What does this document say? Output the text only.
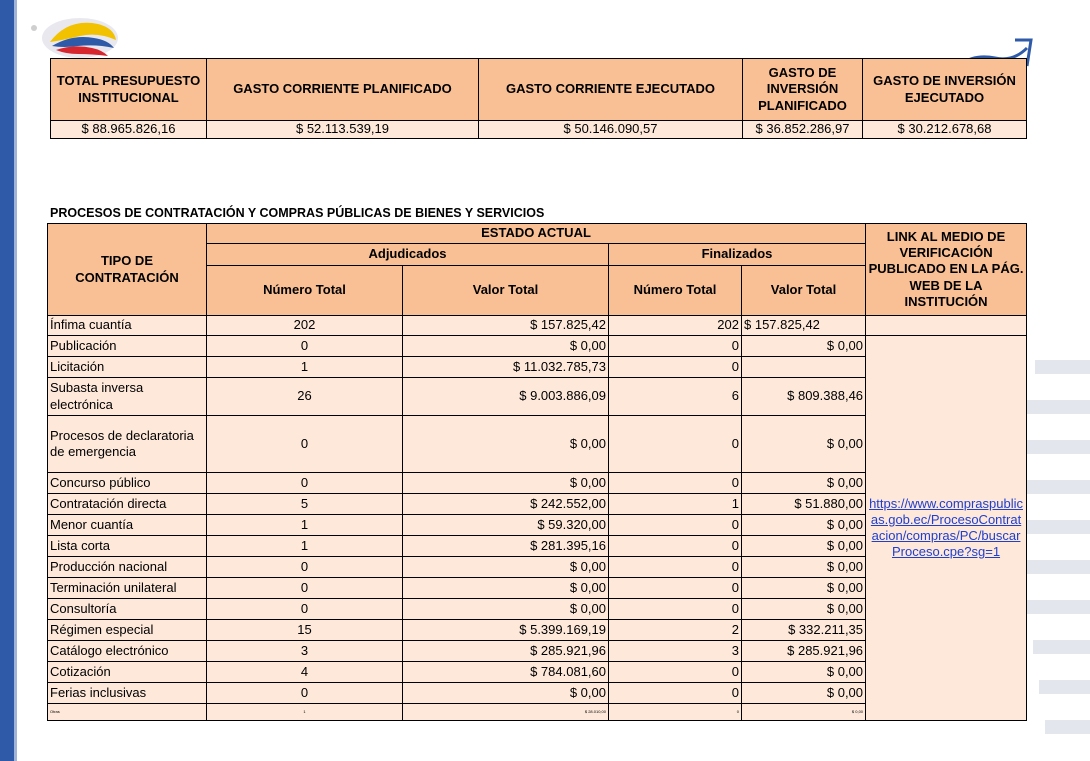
TOTAL PRESUPUESTO INSTITUCIONAL	GASTO CORRIENTE PLANIFICADO	GASTO CORRIENTE EJECUTADO	GASTO DE INVERSIÓN PLANIFICADO	GASTO DE INVERSIÓN EJECUTADO
$ 88.965.826,16	$ 52.113.539,19	$ 50.146.090,57	$ 36.852.286,97	$ 30.212.678,68
PROCESOS DE CONTRATACIÓN Y COMPRAS PÚBLICAS DE BIENES Y SERVICIOS
TIPO DE CONTRATACIÓN	ESTADO ACTUAL				LINK AL MEDIO DE VERIFICACIÓN PUBLICADO EN LA PÁG. WEB DE LA INSTITUCIÓN
	Adjudicados		Finalizados		
	Número Total	Valor Total	Número Total	Valor Total	
Ínfima cuantía	202	$ 157.825,42	202	$ 157.825,42	
Publicación	0	$ 0,00	0	$ 0,00	https://www.compraspublicas.gob.ec/ProcesoContratacion/compras/PC/buscarProceso.cpe?sg=1
Licitación	1	$ 11.032.785,73	0		
Subasta inversa electrónica	26	$ 9.003.886,09	6	$ 809.388,46	
Procesos de declaratoria de emergencia	0	$ 0,00	0	$ 0,00	
Concurso público	0	$ 0,00	0	$ 0,00	
Contratación directa	5	$ 242.552,00	1	$ 51.880,00	
Menor cuantía	1	$ 59.320,00	0	$ 0,00	
Lista corta	1	$ 281.395,16	0	$ 0,00	
Producción nacional	0	$ 0,00	0	$ 0,00	
Terminación unilateral	0	$ 0,00	0	$ 0,00	
Consultoría	0	$ 0,00	0	$ 0,00	
Régimen especial	15	$ 5.399.169,19	2	$ 332.211,35	
Catálogo electrónico	3	$ 285.921,96	3	$ 285.921,96	
Cotización	4	$ 784.081,60	0	$ 0,00	
Ferias inclusivas	0	$ 0,00	0	$ 0,00	
Otras	1	$ 28.010,00	0	$ 0,00	
